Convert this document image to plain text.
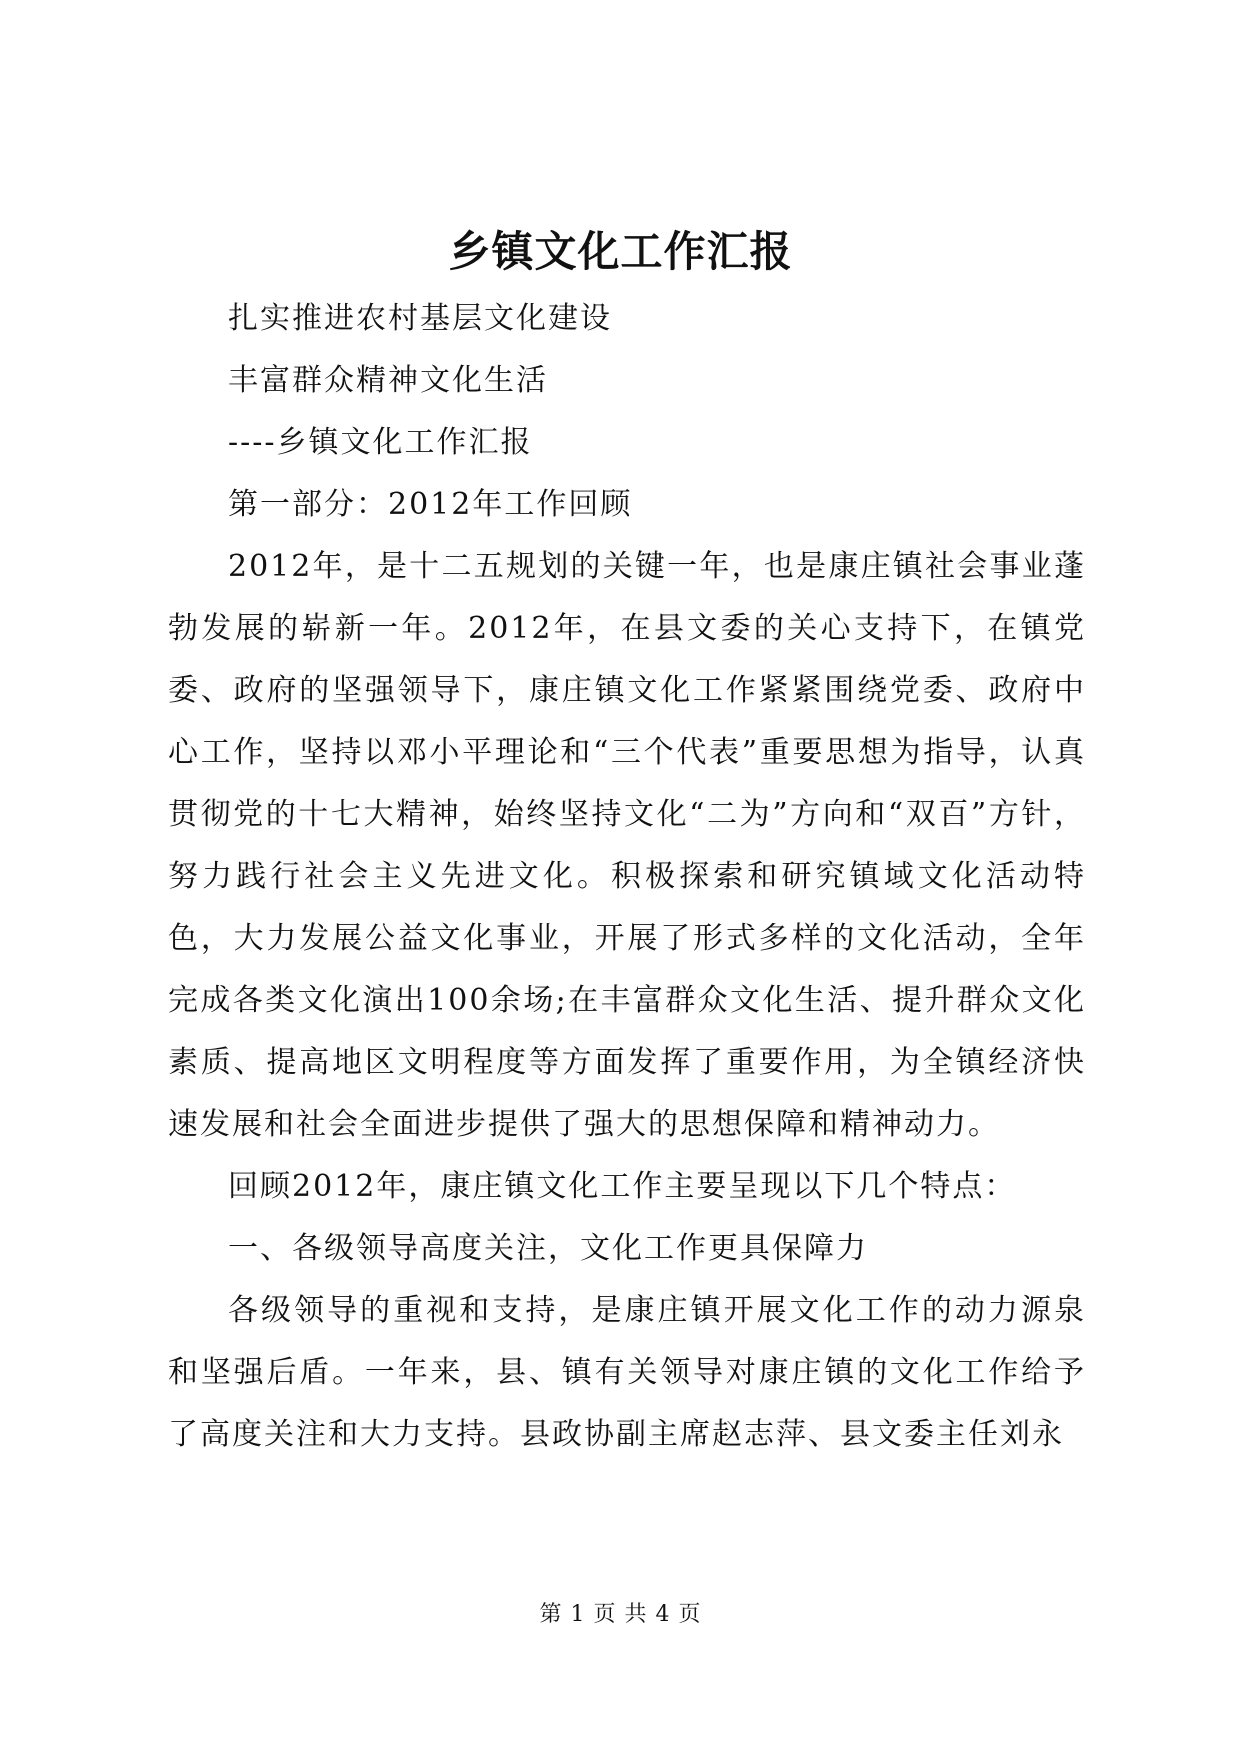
乡镇文化工作汇报

扎实推进农村基层文化建设

丰富群众精神文化生活

----乡镇文化工作汇报

第一部分：2012年工作回顾

2012年，是十二五规划的关键一年，也是康庄镇社会事业蓬勃发展的崭新一年。2012年，在县文委的关心支持下，在镇党委、政府的坚强领导下，康庄镇文化工作紧紧围绕党委、政府中心工作，坚持以邓小平理论和“三个代表”重要思想为指导，认真贯彻党的十七大精神，始终坚持文化“二为”方向和“双百”方针，努力践行社会主义先进文化。积极探索和研究镇域文化活动特色，大力发展公益文化事业，开展了形式多样的文化活动，全年完成各类文化演出100余场;在丰富群众文化生活、提升群众文化素质、提高地区文明程度等方面发挥了重要作用，为全镇经济快速发展和社会全面进步提供了强大的思想保障和精神动力。

回顾2012年，康庄镇文化工作主要呈现以下几个特点：

一、各级领导高度关注，文化工作更具保障力

各级领导的重视和支持，是康庄镇开展文化工作的动力源泉和坚强后盾。一年来，县、镇有关领导对康庄镇的文化工作给予了高度关注和大力支持。县政协副主席赵志萍、县文委主任刘永

第 1 页 共 4 页
